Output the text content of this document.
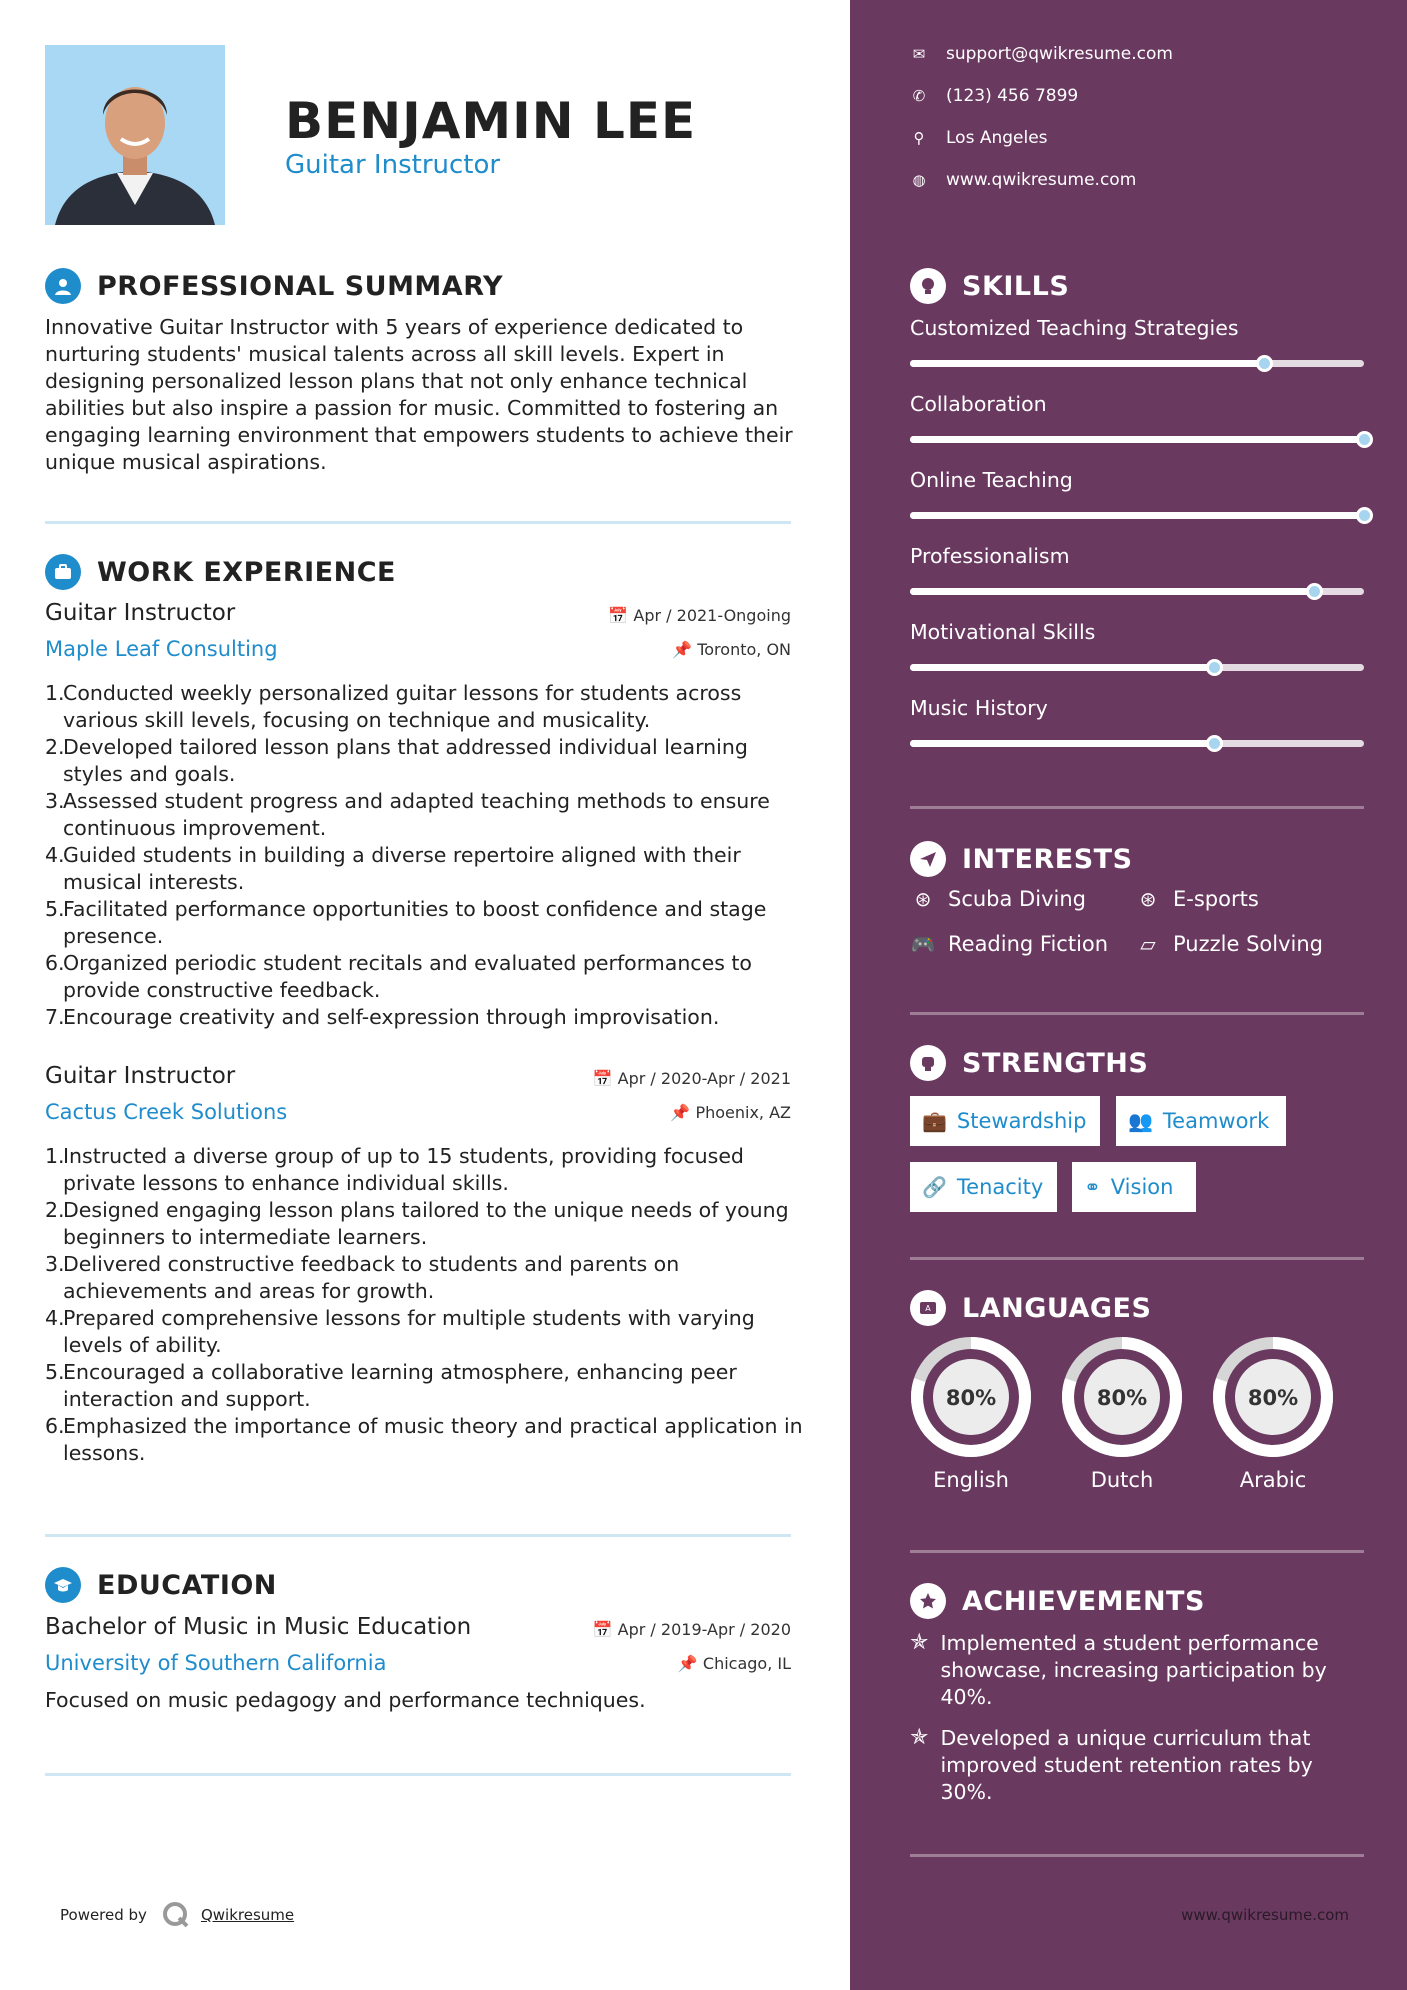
BENJAMIN LEE
Guitar Instructor
PROFESSIONAL SUMMARY
Innovative Guitar Instructor with 5 years of experience dedicated to nurturing students' musical talents across all skill levels. Expert in designing personalized lesson plans that not only enhance technical abilities but also inspire a passion for music. Committed to fostering an engaging learning environment that empowers students to achieve their unique musical aspirations.
WORK EXPERIENCE
Guitar Instructor
Maple Leaf Consulting
📅 Apr / 2021-Ongoing
📌 Toronto, ON
1.
Conducted weekly personalized guitar lessons for students across various skill levels, focusing on technique and musicality.
2.
Developed tailored lesson plans that addressed individual learning styles and goals.
3.
Assessed student progress and adapted teaching methods to ensure continuous improvement.
4.
Guided students in building a diverse repertoire aligned with their musical interests.
5.
Facilitated performance opportunities to boost confidence and stage presence.
6.
Organized periodic student recitals and evaluated performances to provide constructive feedback.
7.
Encourage creativity and self-expression through improvisation.
Guitar Instructor
Cactus Creek Solutions
📅 Apr / 2020-Apr / 2021
📌 Phoenix, AZ
1.
Instructed a diverse group of up to 15 students, providing focused private lessons to enhance individual skills.
2.
Designed engaging lesson plans tailored to the unique needs of young beginners to intermediate learners.
3.
Delivered constructive feedback to students and parents on achievements and areas for growth.
4.
Prepared comprehensive lessons for multiple students with varying levels of ability.
5.
Encouraged a collaborative learning atmosphere, enhancing peer interaction and support.
6.
Emphasized the importance of music theory and practical application in lessons.
EDUCATION
Bachelor of Music in Music Education
University of Southern California
📅 Apr / 2019-Apr / 2020
📌 Chicago, IL
Focused on music pedagogy and performance techniques.
Powered by	Qwikresume
✉ support@qwikresume.com
✆ (123) 456 7899
⚲ Los Angeles
◍ www.qwikresume.com
SKILLS
Customized Teaching Strategies
Collaboration
Online Teaching
Professionalism
Motivational Skills
Music History
INTERESTS
⊛ Scuba Diving	⊛ E-sports
🎮 Reading Fiction ▱ Puzzle Solving
STRENGTHS
💼 Stewardship 👥 Teamwork
🔗 Tenacity ⚭ Vision
A LANGUAGES
80%
English
80%
Dutch
80%
Arabic
ACHIEVEMENTS
✯ Implemented a student performance showcase, increasing participation by 40%.
✯ Developed a unique curriculum that improved student retention rates by 30%.
www.qwikresume.com
